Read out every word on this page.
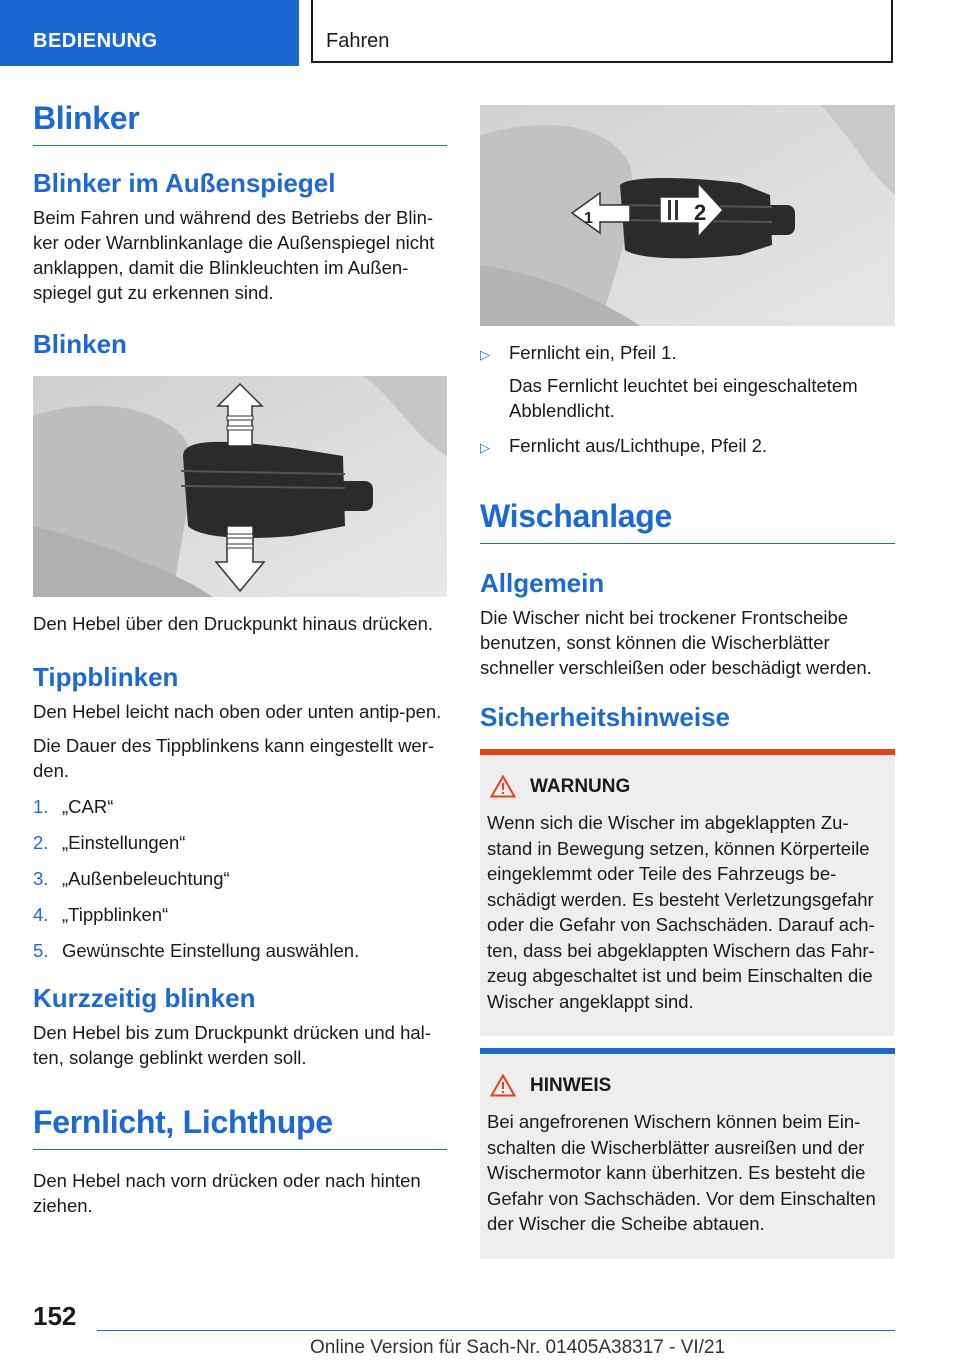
BEDIENUNG	Fahren
Blinker
Blinker im Außenspiegel

Beim Fahren und während des Betriebs der Blin-ker oder Warnblinkanlage die Außenspiegel nicht anklappen, damit die Blinkleuchten im Außen-spiegel gut zu erkennen sind.

Blinken

Den Hebel über den Druckpunkt hinaus drücken.

Tippblinken

Den Hebel leicht nach oben oder unten antip-pen.

Die Dauer des Tippblinkens kann eingestellt wer-den.

1. „CAR“
2. „Einstellungen“
3. „Außenbeleuchtung“
4. „Tippblinken“
5. Gewünschte Einstellung auswählen.
Kurzzeitig blinken

Den Hebel bis zum Druckpunkt drücken und hal-ten, solange geblinkt werden soll.

Fernlicht, Lichthupe

Den Hebel nach vorn drücken oder nach hinten ziehen.

1	2
▷	Fernlicht ein, Pfeil 1.
Das Fernlicht leuchtet bei eingeschaltetem Abblendlicht.
▷	Fernlicht aus/Lichthupe, Pfeil 2.
Wischanlage
Allgemein

Die Wischer nicht bei trockener Frontscheibe benutzen, sonst können die Wischerblätter schneller verschleißen oder beschädigt werden.

Sicherheitshinweise
WARNUNG

Wenn sich die Wischer im abgeklappten Zu-stand in Bewegung setzen, können Körperteile eingeklemmt oder Teile des Fahrzeugs be-schädigt werden. Es besteht Verletzungsgefahr oder die Gefahr von Sachschäden. Darauf ach-ten, dass bei abgeklappten Wischern das Fahr-zeug abgeschaltet ist und beim Einschalten die Wischer angeklappt sind.

HINWEIS

Bei angefrorenen Wischern können beim Ein-schalten die Wischerblätter ausreißen und der Wischermotor kann überhitzen. Es besteht die Gefahr von Sachschäden. Vor dem Einschalten der Wischer die Scheibe abtauen.

152
Online Version für Sach-Nr. 01405A38317 - VI/21
